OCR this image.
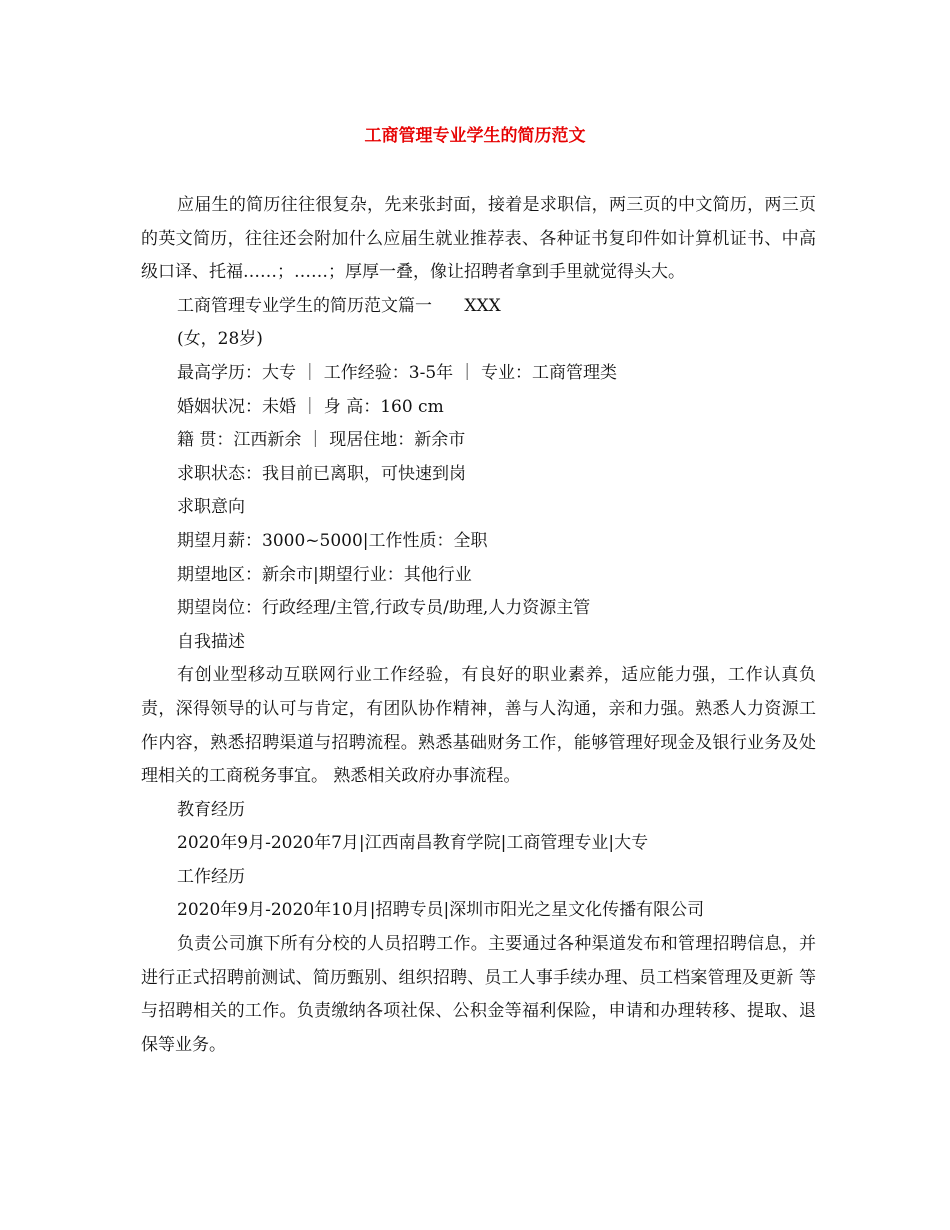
工商管理专业学生的简历范文

应届生的简历往往很复杂，先来张封面，接着是求职信，两三页的中文简历，两三页的英文简历，往往还会附加什么应届生就业推荐表、各种证书复印件如计算机证书、中高级口译、托福……；……；厚厚一叠，像让招聘者拿到手里就觉得头大。

工商管理专业学生的简历范文篇一      XXX

(女，28岁)

最高学历：大专 ｜ 工作经验：3-5年 ｜ 专业：工商管理类

婚姻状况：未婚 ｜ 身 高：160 cm

籍 贯：江西新余 ｜ 现居住地：新余市

求职状态：我目前已离职，可快速到岗

求职意向

期望月薪：3000~5000|工作性质：全职

期望地区：新余市|期望行业：其他行业

期望岗位：行政经理/主管,行政专员/助理,人力资源主管

自我描述

有创业型移动互联网行业工作经验，有良好的职业素养，适应能力强，工作认真负责，深得领导的认可与肯定，有团队协作精神，善与人沟通，亲和力强。熟悉人力资源工作内容，熟悉招聘渠道与招聘流程。熟悉基础财务工作，能够管理好现金及银行业务及处理相关的工商税务事宜。 熟悉相关政府办事流程。

教育经历

2020年9月-2020年7月|江西南昌教育学院|工商管理专业|大专

工作经历

2020年9月-2020年10月|招聘专员|深圳市阳光之星文化传播有限公司

负责公司旗下所有分校的人员招聘工作。主要通过各种渠道发布和管理招聘信息，并进行正式招聘前测试、简历甄别、组织招聘、员工人事手续办理、员工档案管理及更新 等 与招聘相关的工作。负责缴纳各项社保、公积金等福利保险，申请和办理转移、提取、退保等业务。
